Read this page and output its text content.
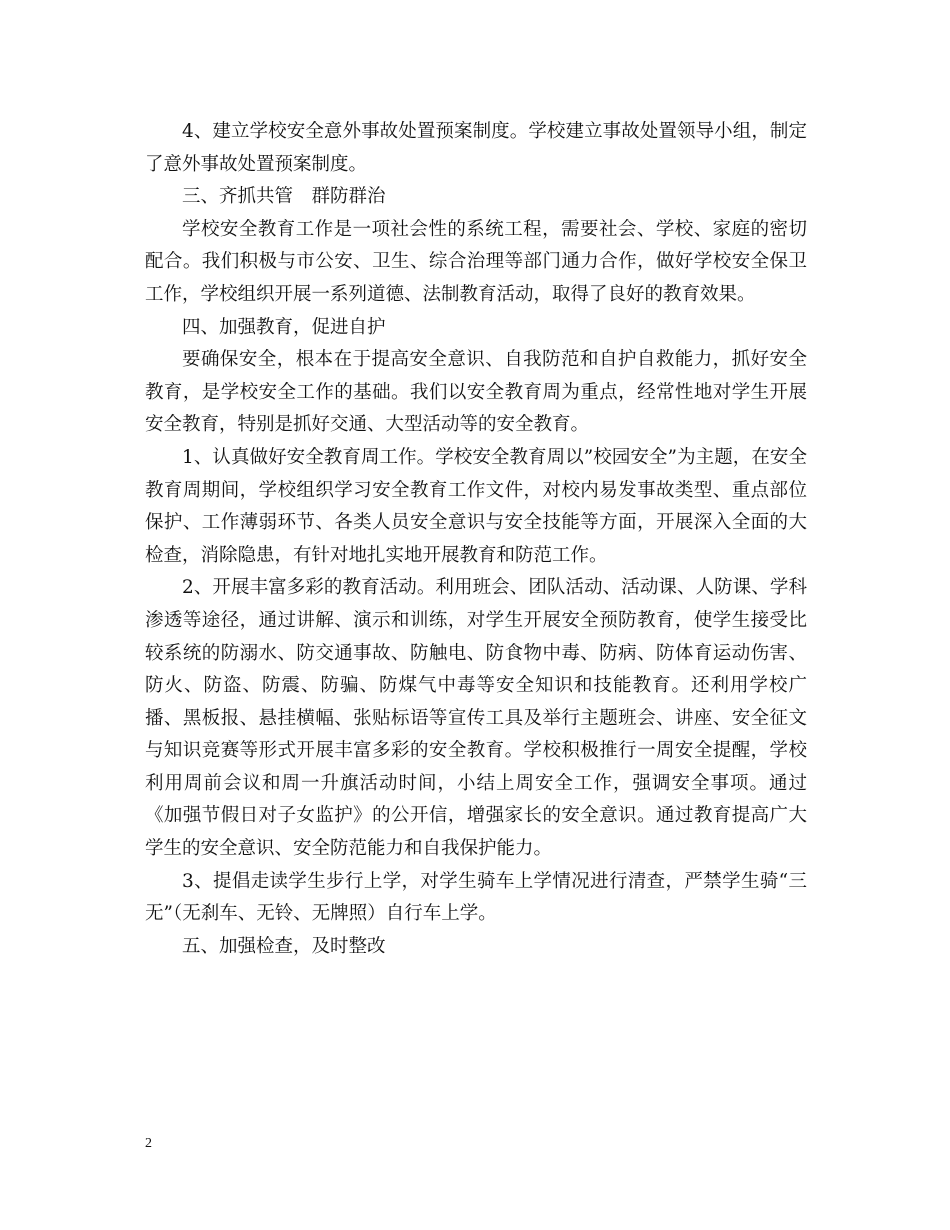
4、建立学校安全意外事故处置预案制度。学校建立事故处置领导小组，制定了意外事故处置预案制度。

三、齐抓共管　群防群治

学校安全教育工作是一项社会性的系统工程，需要社会、学校、家庭的密切配合。我们积极与市公安、卫生、综合治理等部门通力合作，做好学校安全保卫工作，学校组织开展一系列道德、法制教育活动，取得了良好的教育效果。

四、加强教育，促进自护

要确保安全，根本在于提高安全意识、自我防范和自护自救能力，抓好安全教育，是学校安全工作的基础。我们以安全教育周为重点，经常性地对学生开展安全教育，特别是抓好交通、大型活动等的安全教育。

1、认真做好安全教育周工作。学校安全教育周以”校园安全”为主题，在安全教育周期间，学校组织学习安全教育工作文件，对校内易发事故类型、重点部位保护、工作薄弱环节、各类人员安全意识与安全技能等方面，开展深入全面的大检查，消除隐患，有针对地扎实地开展教育和防范工作。

2、开展丰富多彩的教育活动。利用班会、团队活动、活动课、人防课、学科渗透等途径，通过讲解、演示和训练，对学生开展安全预防教育，使学生接受比较系统的防溺水、防交通事故、防触电、防食物中毒、防病、防体育运动伤害、防火、防盗、防震、防骗、防煤气中毒等安全知识和技能教育。还利用学校广播、黑板报、悬挂横幅、张贴标语等宣传工具及举行主题班会、讲座、安全征文与知识竞赛等形式开展丰富多彩的安全教育。学校积极推行一周安全提醒，学校利用周前会议和周一升旗活动时间，小结上周安全工作，强调安全事项。通过《加强节假日对子女监护》的公开信，增强家长的安全意识。通过教育提高广大学生的安全意识、安全防范能力和自我保护能力。

3、提倡走读学生步行上学，对学生骑车上学情况进行清查，严禁学生骑“三无”（无刹车、无铃、无牌照）自行车上学。

五、加强检查，及时整改

2
